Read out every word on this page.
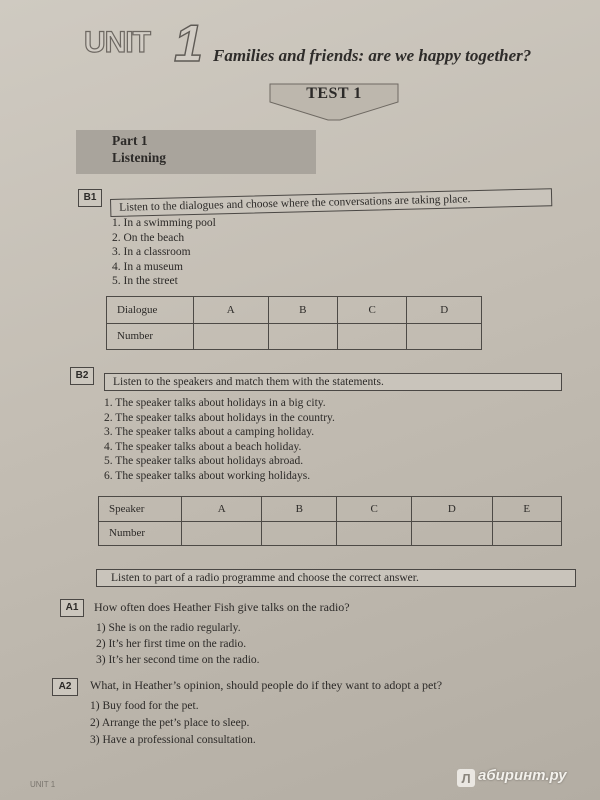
UNIT 1 Families and friends: are we happy together?
TEST 1
Part 1
Listening
B1	Listen to the dialogues and choose where the conversations are taking place.
1. In a swimming pool
2. On the beach
3. In a classroom
4. In a museum
5. In the street
Dialogue	A	B	C	D
Number				
B2
Listen to the speakers and match them with the statements.
1. The speaker talks about holidays in a big city.
2. The speaker talks about holidays in the country.
3. The speaker talks about a camping holiday.
4. The speaker talks about a beach holiday.
5. The speaker talks about holidays abroad.
6. The speaker talks about working holidays.
Speaker	A	B	C	D	E
Number					
Listen to part of a radio programme and choose the correct answer.
A1	How often does Heather Fish give talks on the radio?
1) She is on the radio regularly.
2) It’s her first time on the radio.
3) It’s her second time on the radio.
A2	What, in Heather’s opinion, should people do if they want to adopt a pet?
1) Buy food for the pet.
2) Arrange the pet’s place to sleep.
3) Have a professional consultation.
UNIT 1	Л абиринт.ру
